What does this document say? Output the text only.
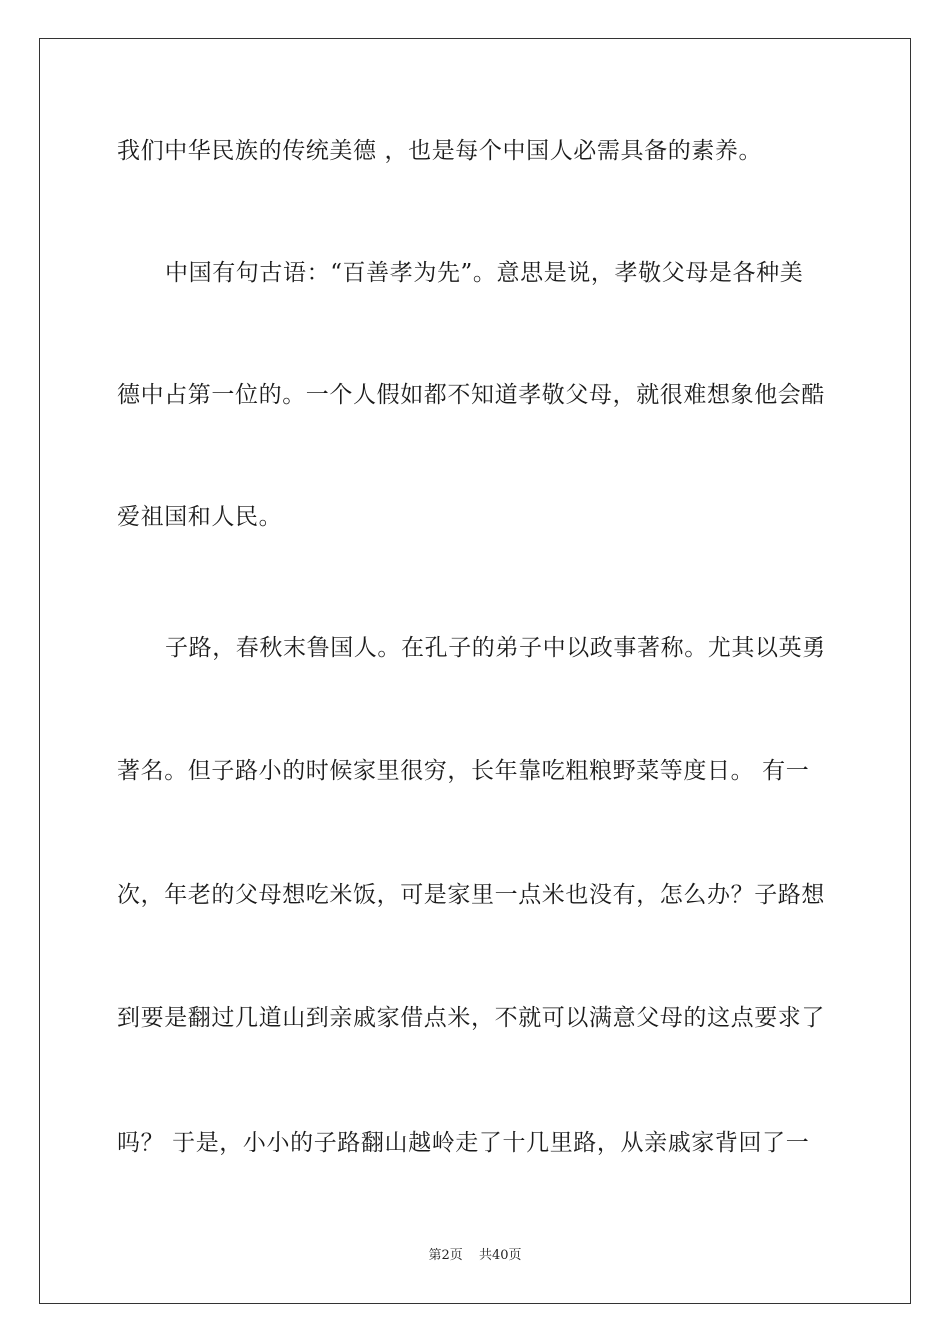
我们中华民族的传统美德 ，也是每个中国人必需具备的素养。
中国有句古语：“百善孝为先”。意思是说，孝敬父母是各种美
德中占第一位的。一个人假如都不知道孝敬父母，就很难想象他会酷
爱祖国和人民。
子路，春秋末鲁国人。在孔子的弟子中以政事著称。尤其以英勇
著名。但子路小的时候家里很穷，长年靠吃粗粮野菜等度日。 有一
次，年老的父母想吃米饭，可是家里一点米也没有，怎么办？子路想
到要是翻过几道山到亲戚家借点米，不就可以满意父母的这点要求了
吗？ 于是，小小的子路翻山越岭走了十几里路，从亲戚家背回了一
第2页 共40页
